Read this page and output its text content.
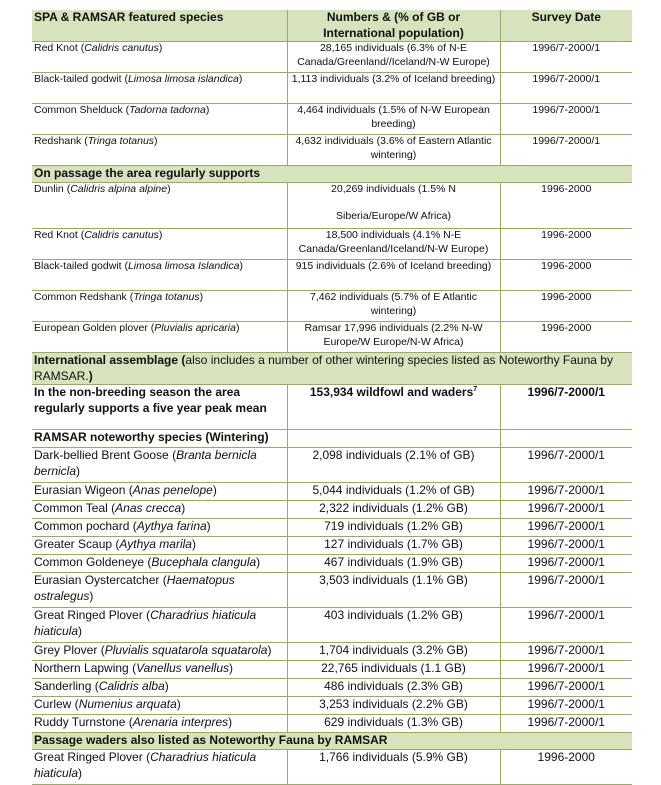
SPA & RAMSAR featured species	Numbers & (% of GB or International population)	Survey Date
Red Knot (Calidris canutus)	28,165 individuals (6.3% of N-E Canada/Greenland//Iceland/N-W Europe)	1996/7-2000/1
Black-tailed godwit (Limosa limosa islandica)	1,113 individuals (3.2% of Iceland breeding)	1996/7-2000/1
Common Shelduck (Tadorna tadorna)	4,464 individuals (1.5% of N-W European breeding)	1996/7-2000/1
Redshank (Tringa totanus)	4,632 individuals (3.6% of Eastern Atlantic wintering)	1996/7-2000/1
On passage the area regularly supports		
Dunlin (Calidris alpina alpine)	20,269 individuals (1.5% N

Siberia/Europe/W Africa)	1996-2000
Red Knot (Calidris canutus)	18,500 individuals (4.1% N-E Canada/Greenland/Iceland/N-W Europe)	1996-2000
Black-tailed godwit (Limosa limosa Islandica)	915 individuals (2.6% of Iceland breeding)	1996-2000
Common Redshank (Tringa totanus)	7,462 individuals (5.7% of E Atlantic wintering)	1996-2000
European Golden plover (Pluvialis apricaria)	Ramsar 17,996 individuals (2.2% N-W Europe/W Europe/N-W Africa)	1996-2000
International assemblage (also includes a number of other wintering species listed as Noteworthy Fauna by RAMSAR.)		
In the non-breeding season the area regularly supports a five year peak mean	153,934 wildfowl and waders$^7$	1996/7-2000/1
RAMSAR noteworthy species (Wintering)		
Dark-bellied Brent Goose (Branta bernicla bernicla)	2,098 individuals (2.1% of GB)	1996/7-2000/1
Eurasian Wigeon (Anas penelope)	5,044 individuals (1.2% of GB)	1996/7-2000/1
Common Teal (Anas crecca)	2,322 individuals (1.2% GB)	1996/7-2000/1
Common pochard (Aythya farina)	719 individuals (1.2% GB)	1996/7-2000/1
Greater Scaup (Aythya marila)	127 individuals (1.7% GB)	1996/7-2000/1
Common Goldeneye (Bucephala clangula)	467 individuals (1.9% GB)	1996/7-2000/1
Eurasian Oystercatcher (Haematopus ostralegus)	3,503 individuals (1.1% GB)	1996/7-2000/1
Great Ringed Plover (Charadrius hiaticula hiaticula)	403 individuals (1.2% GB)	1996/7-2000/1
Grey Plover (Pluvialis squatarola squatarola)	1,704 individuals (3.2% GB)	1996/7-2000/1
Northern Lapwing (Vanellus vanellus)	22,765 individuals (1.1 GB)	1996/7-2000/1
Sanderling (Calidris alba)	486 individuals (2.3% GB)	1996/7-2000/1
Curlew (Numenius arquata)	3,253 individuals (2.2% GB)	1996/7-2000/1
Ruddy Turnstone (Arenaria interpres)	629 individuals (1.3% GB)	1996/7-2000/1
Passage waders also listed as Noteworthy Fauna by RAMSAR		
Great Ringed Plover (Charadrius hiaticula hiaticula)	1,766 individuals (5.9% GB)	1996-2000
